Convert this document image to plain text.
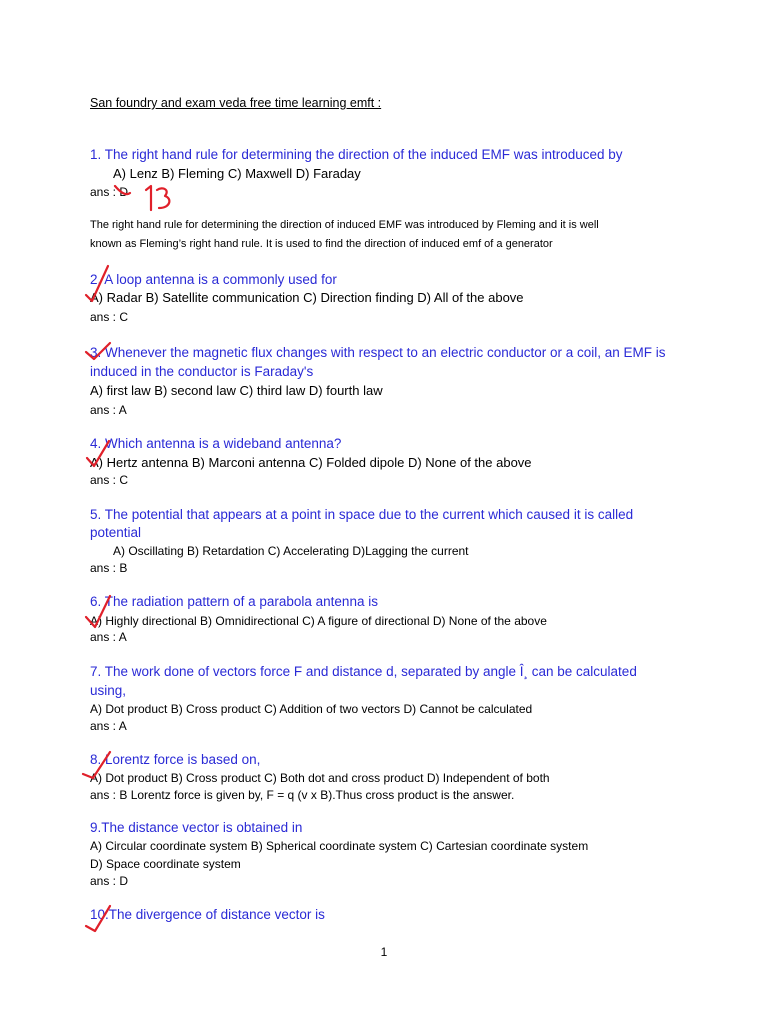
San foundry and exam veda free time learning emft :
1. The right hand rule for determining the direction of the induced EMF was introduced by
A) Lenz B) Fleming C) Maxwell D) Faraday
ans : D
The right hand rule for determining the direction of induced EMF was introduced by Fleming and it is well
known as Fleming’s right hand rule. It is used to find the direction of induced emf of a generator
2. A loop antenna is a commonly used for
A) Radar B) Satellite communication C) Direction finding D) All of the above
ans : C
3. Whenever the magnetic flux changes with respect to an electric conductor or a coil, an EMF is
induced in the conductor is Faraday's
A) first law B) second law C) third law D) fourth law
ans : A
4. Which antenna is a wideband antenna?
A) Hertz antenna B) Marconi antenna C) Folded dipole D) None of the above
ans : C
5. The potential that appears at a point in space due to the current which caused it is called
potential
A) Oscillating B) Retardation C) Accelerating D)Lagging the current
ans : B
6. The radiation pattern of a parabola antenna is
A) Highly directional B) Omnidirectional C) A figure of directional D) None of the above
ans : A
7. The work done of vectors force F and distance d, separated by angle Î¸ can be calculated
using,
A) Dot product B) Cross product C) Addition of two vectors D) Cannot be calculated
ans : A
8. Lorentz force is based on,
A) Dot product B) Cross product C) Both dot and cross product D) Independent of both
ans : B Lorentz force is given by, F = q (v x B).Thus cross product is the answer.
9.The distance vector is obtained in
A) Circular coordinate system B) Spherical coordinate system C) Cartesian coordinate system
D) Space coordinate system
ans : D
10.The divergence of distance vector is
1
